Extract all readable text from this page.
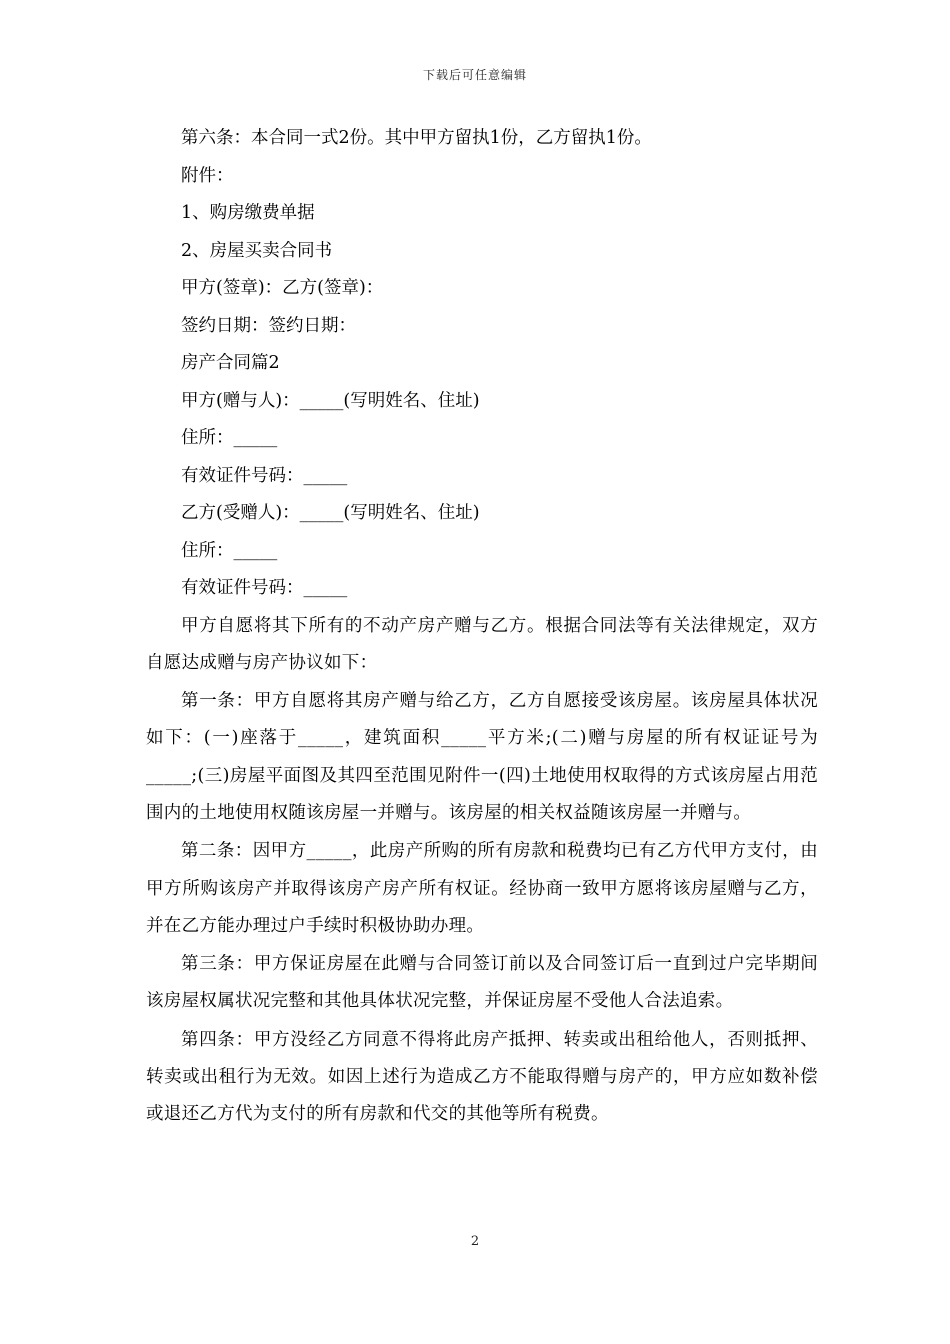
下载后可任意编辑
第六条：本合同一式2份。其中甲方留执1份，乙方留执1份。
附件：
1、购房缴费单据
2、房屋买卖合同书
甲方(签章)：乙方(签章)：
签约日期：签约日期：
房产合同篇2
甲方(赠与人)：_____(写明姓名、住址)
住所：_____
有效证件号码：_____
乙方(受赠人)：_____(写明姓名、住址)
住所：_____
有效证件号码：_____

甲方自愿将其下所有的不动产房产赠与乙方。根据合同法等有关法律规定，双方自愿达成赠与房产协议如下：

第一条：甲方自愿将其房产赠与给乙方，乙方自愿接受该房屋。该房屋具体状况如下：(一)座落于_____，建筑面积_____平方米;(二)赠与房屋的所有权证证号为_____;(三)房屋平面图及其四至范围见附件一(四)土地使用权取得的方式该房屋占用范围内的土地使用权随该房屋一并赠与。该房屋的相关权益随该房屋一并赠与。

第二条：因甲方_____，此房产所购的所有房款和税费均已有乙方代甲方支付，由甲方所购该房产并取得该房产房产所有权证。经协商一致甲方愿将该房屋赠与乙方，并在乙方能办理过户手续时积极协助办理。

第三条：甲方保证房屋在此赠与合同签订前以及合同签订后一直到过户完毕期间该房屋权属状况完整和其他具体状况完整，并保证房屋不受他人合法追索。

第四条：甲方没经乙方同意不得将此房产抵押、转卖或出租给他人，否则抵押、转卖或出租行为无效。如因上述行为造成乙方不能取得赠与房产的，甲方应如数补偿或退还乙方代为支付的所有房款和代交的其他等所有税费。

2
